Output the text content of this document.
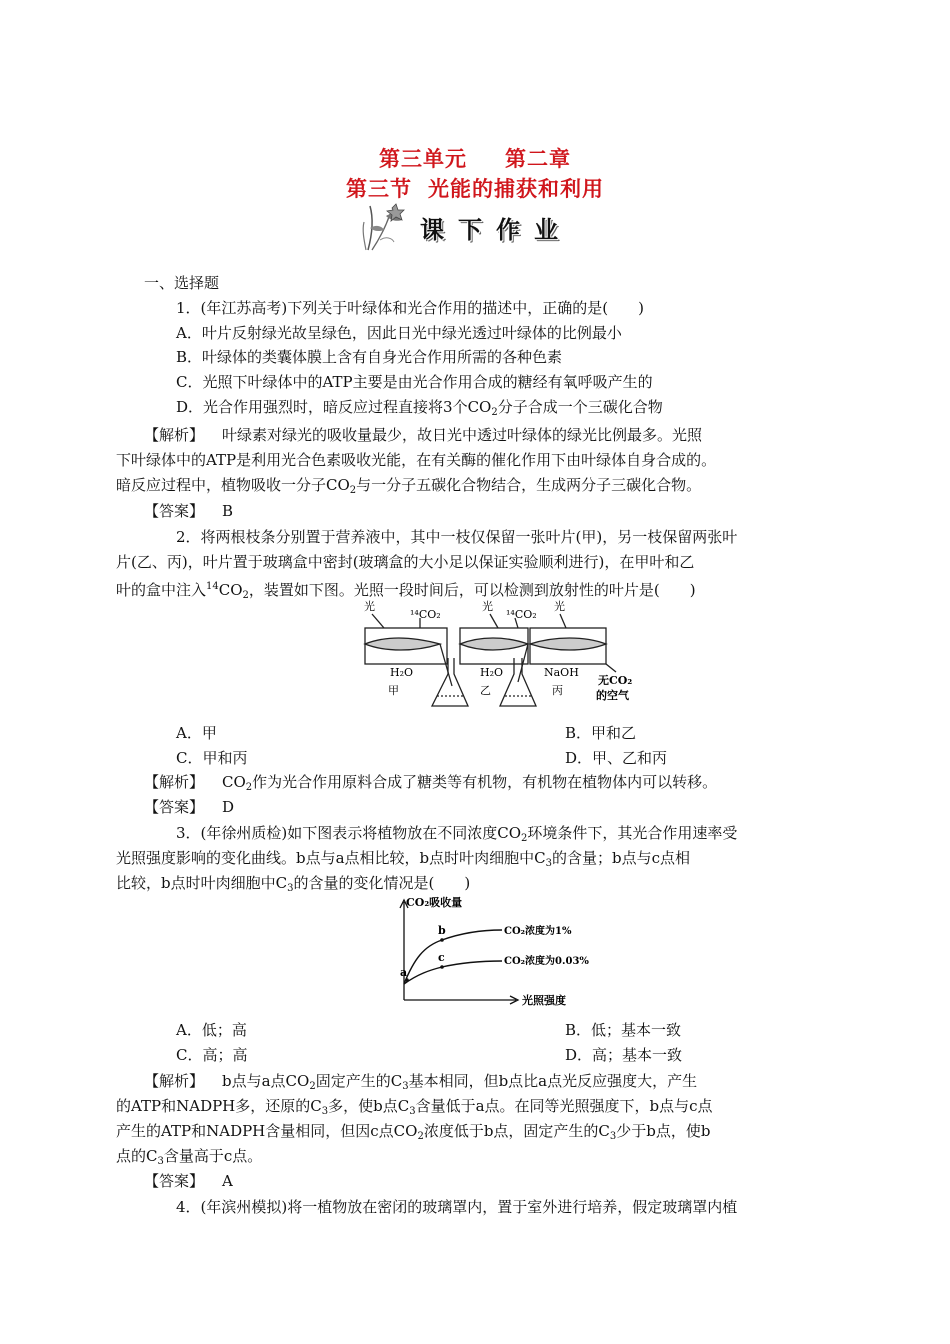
第三单元 第二章
第三节 光能的捕获和利用
课下作业
一、选择题
1．(年江苏高考)下列关于叶绿体和光合作用的描述中，正确的是(　　)
A．叶片反射绿光故呈绿色，因此日光中绿光透过叶绿体的比例最小
B．叶绿体的类囊体膜上含有自身光合作用所需的各种色素
C．光照下叶绿体中的ATP主要是由光合作用合成的糖经有氧呼吸产生的
D．光合作用强烈时，暗反应过程直接将3个$CO_2$分子合成一个三碳化合物
【解析】 叶绿素对绿光的吸收量最少，故日光中透过叶绿体的绿光比例最多。光照
下叶绿体中的ATP是利用光合色素吸收光能，在有关酶的催化作用下由叶绿体自身合成的。
暗反应过程中，植物吸收一分子$CO_2$与一分子五碳化合物结合，生成两分子三碳化合物。
【答案】 B
2．将两根枝条分别置于营养液中，其中一枝仅保留一张叶片(甲)，另一枝保留两张叶
片(乙、丙)，叶片置于玻璃盒中密封(玻璃盒的大小足以保证实验顺利进行)，在甲叶和乙
叶的盒中注入$^{14}CO_2$，装置如下图。光照一段时间后，可以检测到放射性的叶片是(　　)
光
¹⁴CO₂
光
¹⁴CO₂
光
H₂O	H₂O	NaOH
甲	乙	丙
无CO₂
的空气
A．甲	B．甲和乙
C．甲和丙	D．甲、乙和丙
【解析】 $CO_2$作为光合作用原料合成了糖类等有机物，有机物在植物体内可以转移。
【答案】 D
3．(年徐州质检)如下图表示将植物放在不同浓度$CO_2$环境条件下，其光合作用速率受
光照强度影响的变化曲线。b点与a点相比较，b点时叶肉细胞中$C_3$的含量；b点与c点相
比较，b点时叶肉细胞中$C_3$的含量的变化情况是(　　)
CO₂吸收量
光照强度
a
b
c
CO₂浓度为1%
CO₂浓度为0.03%
A．低；高	B．低；基本一致
C．高；高	D．高；基本一致
【解析】 b点与a点$CO_2$固定产生的$C_3$基本相同，但b点比a点光反应强度大，产生
的ATP和NADPH多，还原的$C_3$多，使b点$C_3$含量低于a点。在同等光照强度下，b点与c点
产生的ATP和NADPH含量相同，但因c点$CO_2$浓度低于b点，固定产生的$C_3$少于b点，使b
点的$C_3$含量高于c点。
【答案】 A
4．(年滨州模拟)将一植物放在密闭的玻璃罩内，置于室外进行培养，假定玻璃罩内植
